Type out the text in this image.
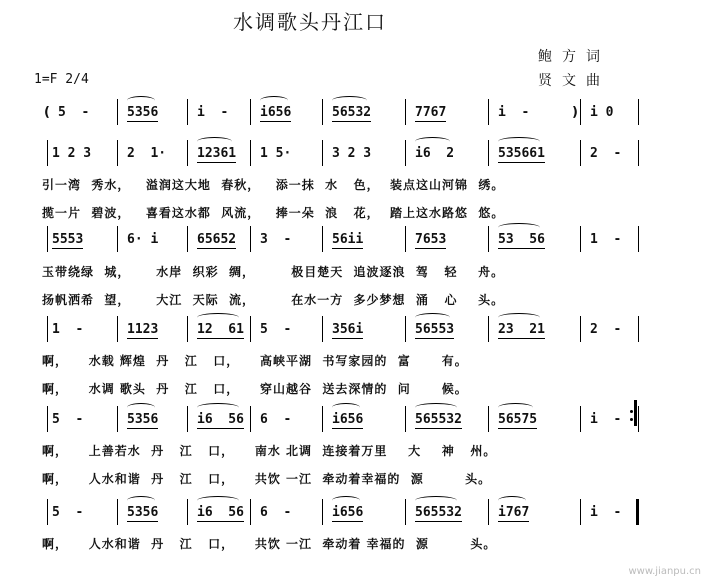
水调歌头丹江口
鲍方词
贤文曲
1=F 2/4
( 5  -	5356	i  - i656	56532	7767	i  -	i 0
)
1 2 3	2  1· 12361 1 5·	3 2 3	i6  2	535661	2  -
引一湾  秀水，   溢润这大地  春秋，   添一抹  水   色，  装点这山河锦  绣。
揽一片  碧波，   喜看这水都  风流，   捧一朵  浪   花，  踏上这水路悠  悠。
5553	6· i	65652 3  -	56ii	7653	53  56	1  -
玉带绕绿  城，     水岸  织彩  绸，       极目楚天  追波逐浪  驾   轻    舟。
扬帆洒希  望，     大江  天际  流，       在水一方  多少梦想  涌   心    头。
1  -	1123	12  61 5  -	356i	56553	23  21	2  -
啊，    水载 辉煌  丹   江   口，    高峡平湖  书写家园的  富      有。
啊，    水调 歌头  丹   江   口，    穿山越谷  送去深情的  问      候。
5  -	5356	i6  56 6  -	i656	565532	56575	i  -
啊，    上善若水  丹   江   口，    南水 北调  连接着万里    大    神   州。
啊，    人水和谐  丹   江   口，    共饮 一江  牵动着幸福的  源        头。
5  -	5356	i6  56 6  -	i656	565532	i767	i  -
啊，    人水和谐  丹   江   口，    共饮 一江  牵动着 幸福的  源        头。
www.jianpu.cn
